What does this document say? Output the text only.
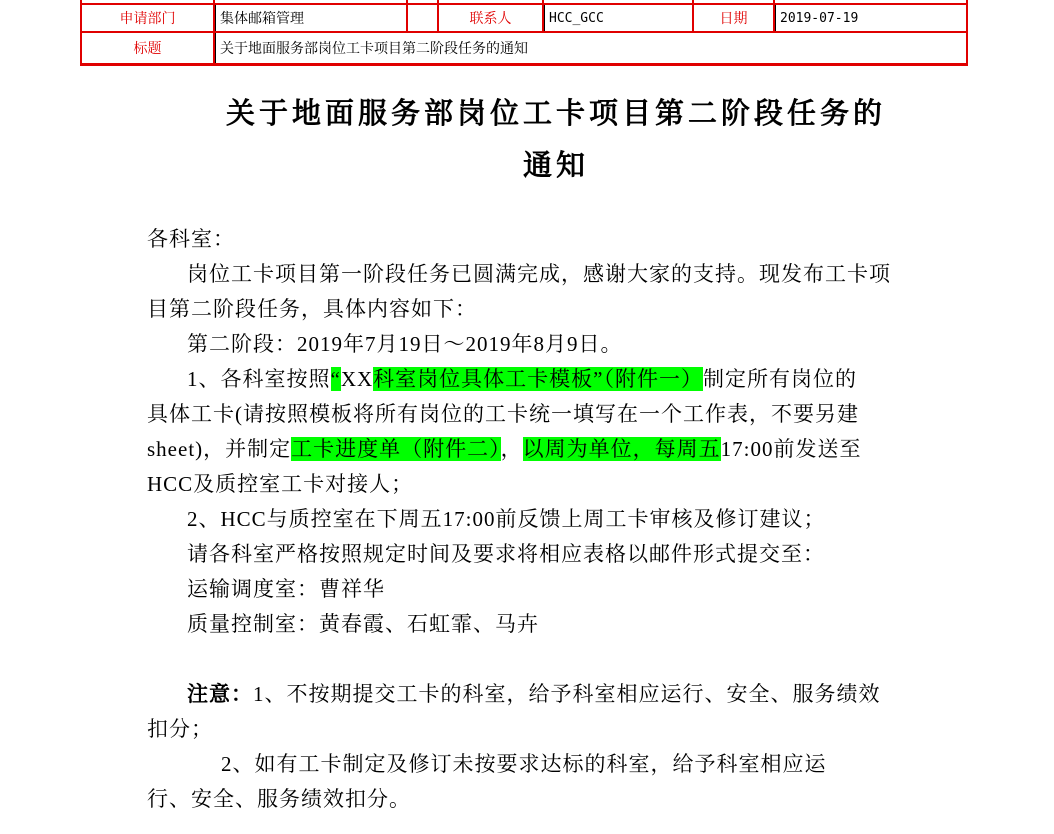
申请部门	集体邮箱管理		联系人	HCC_GCC	日期	2019-07-19
标题	关于地面服务部岗位工卡项目第二阶段任务的通知					
关于地面服务部岗位工卡项目第二阶段任务的
通知
各科室：
岗位工卡项目第一阶段任务已圆满完成，感谢大家的支持。现发布工卡项
目第二阶段任务，具体内容如下：
第二阶段：2019年7月19日～2019年8月9日。
1、各科室按照“XX科室岗位具体工卡模板”（附件一）制定所有岗位的
具体工卡(请按照模板将所有岗位的工卡统一填写在一个工作表，不要另建
sheet)，并制定工卡进度单（附件二），以周为单位，每周五17:00前发送至
HCC及质控室工卡对接人；
2、HCC与质控室在下周五17:00前反馈上周工卡审核及修订建议；
请各科室严格按照规定时间及要求将相应表格以邮件形式提交至：
运输调度室：曹祥华
质量控制室：黄春霞、石虹霏、马卉

注意：1、不按期提交工卡的科室，给予科室相应运行、安全、服务绩效
扣分；
2、如有工卡制定及修订未按要求达标的科室，给予科室相应运
行、安全、服务绩效扣分。
